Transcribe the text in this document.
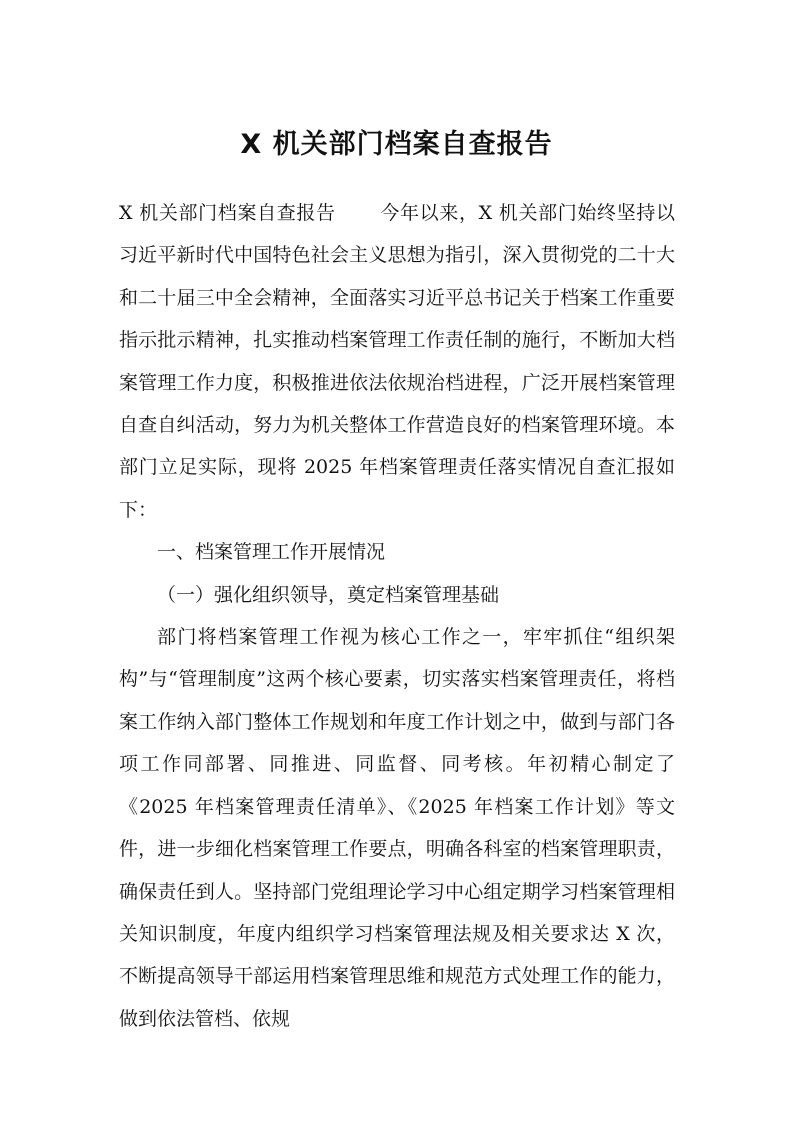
X 机关部门档案自查报告

X 机关部门档案自查报告 今年以来，X 机关部门始终坚持以习近平新时代中国特色社会主义思想为指引，深入贯彻党的二十大和二十届三中全会精神，全面落实习近平总书记关于档案工作重要指示批示精神，扎实推动档案管理工作责任制的施行，不断加大档案管理工作力度，积极推进依法依规治档进程，广泛开展档案管理自查自纠活动，努力为机关整体工作营造良好的档案管理环境。本部门立足实际，现将 2025 年档案管理责任落实情况自查汇报如下：

一、档案管理工作开展情况

（一）强化组织领导，奠定档案管理基础

部门将档案管理工作视为核心工作之一，牢牢抓住“组织架构”与“管理制度”这两个核心要素，切实落实档案管理责任，将档案工作纳入部门整体工作规划和年度工作计划之中，做到与部门各项工作同部署、同推进、同监督、同考核。年初精心制定了《2025 年档案管理责任清单》、《2025 年档案工作计划》等文件，进一步细化档案管理工作要点，明确各科室的档案管理职责，确保责任到人。坚持部门党组理论学习中心组定期学习档案管理相关知识制度，年度内组织学习档案管理法规及相关要求达 X 次，不断提高领导干部运用档案管理思维和规范方式处理工作的能力，做到依法管档、依规
